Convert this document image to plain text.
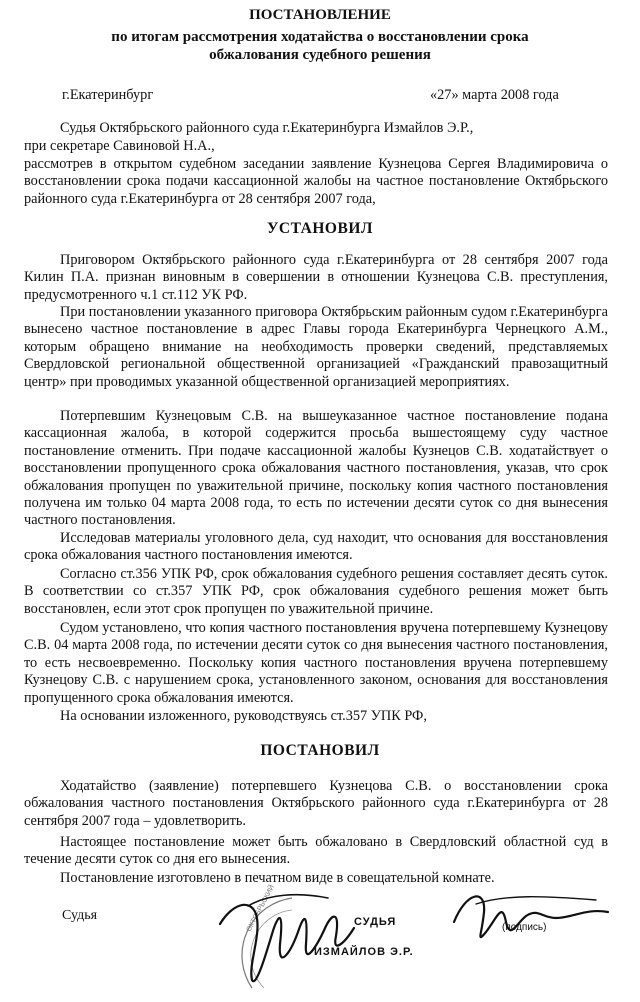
ПОСТАНОВЛЕНИЕ
по итогам рассмотрения ходатайства о восстановлении срока
обжалования судебного решения
г.Екатеринбург	«27» марта 2008 года
Судья Октябрьского районного суда г.Екатеринбурга Измайлов Э.Р.,
при секретаре Савиновой Н.А.,
рассмотрев в открытом судебном заседании заявление Кузнецова Сергея Владимировича о восстановлении срока подачи кассационной жалобы на частное постановление Октябрьского районного суда г.Екатеринбурга от 28 сентября 2007 года,
УСТАНОВИЛ
Приговором Октябрьского районного суда г.Екатеринбурга от 28 сентября 2007 года Килин П.А. признан виновным в совершении в отношении Кузнецова С.В. преступления, предусмотренного ч.1 ст.112 УК РФ.
При постановлении указанного приговора Октябрьским районным судом г.Екатеринбурга вынесено частное постановление в адрес Главы города Екатеринбурга Чернецкого А.М., которым обращено внимание на необходимость проверки сведений, представляемых Свердловской региональной общественной организацией «Гражданский правозащитный центр» при проводимых указанной общественной организацией мероприятиях.
Потерпевшим Кузнецовым С.В. на вышеуказанное частное постановление подана кассационная жалоба, в которой содержится просьба вышестоящему суду частное постановление отменить. При подаче кассационной жалобы Кузнецов С.В. ходатайствует о восстановлении пропущенного срока обжалования частного постановления, указав, что срок обжалования пропущен по уважительной причине, поскольку копия частного постановления получена им только 04 марта 2008 года, то есть по истечении десяти суток со дня вынесения частного постановления.
Исследовав материалы уголовного дела, суд находит, что основания для восстановления срока обжалования частного постановления имеются.
Согласно ст.356 УПК РФ, срок обжалования судебного решения составляет десять суток. В соответствии со ст.357 УПК РФ, срок обжалования судебного решения может быть восстановлен, если этот срок пропущен по уважительной причине.
Судом установлено, что копия частного постановления вручена потерпевшему Кузнецову С.В. 04 марта 2008 года, по истечении десяти суток со дня вынесения частного постановления, то есть несвоевременно. Поскольку копия частного постановления вручена потерпевшему Кузнецову С.В. с нарушением срока, установленного законом, основания для восстановления пропущенного срока обжалования имеются.
На основании изложенного, руководствуясь ст.357 УПК РФ,
ПОСТАНОВИЛ
Ходатайство (заявление) потерпевшего Кузнецова С.В. о восстановлении срока обжалования частного постановления Октябрьского районного суда г.Екатеринбурга от 28 сентября 2007 года – удовлетворить.
Настоящее постановление может быть обжаловано в Свердловский областной суд в течение десяти суток со дня его вынесения.
Постановление изготовлено в печатном виде в совещательной комнате.
Судья	ОКТЯБРЬСКИЙ	СУДЬЯ
ИЗМАЙЛОВ Э.Р.
(подпись)
